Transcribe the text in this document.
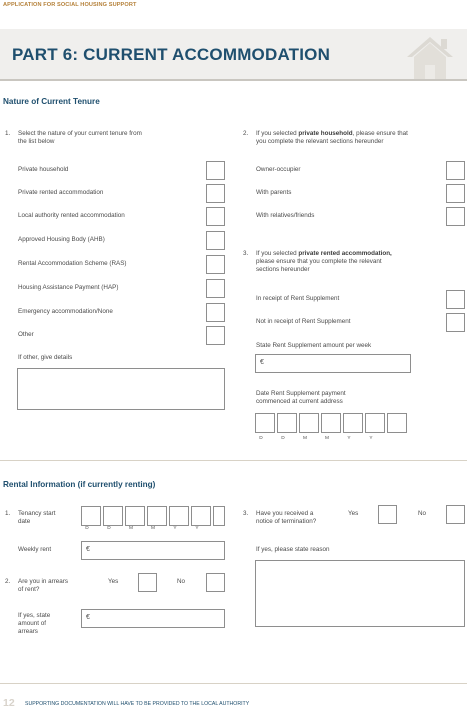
APPLICATION FOR SOCIAL HOUSING SUPPORT
PART 6: CURRENT ACCOMMODATION
Nature of Current Tenure
1. Select the nature of your current tenure from
the list below
Private household
Private rented accommodation
Local authority rented accommodation
Approved Housing Body (AHB)
Rental Accommodation Scheme (RAS)
Housing Assistance Payment (HAP)
Emergency accommodation/None
Other
If other, give details
2. If you selected private household, please ensure that
you complete the relevant sections hereunder
Owner-occupier
With parents
With relatives/friends
3. If you selected private rented accommodation,
please ensure that you complete the relevant
sections hereunder
In receipt of Rent Supplement
Not in receipt of Rent Supplement
State Rent Supplement amount per week
€
Date Rent Supplement payment
commenced at current address
D	D	M	M	Y	Y
Rental Information (if currently renting)
1. Tenancy start
date
D	D	M	M	Y	Y
Weekly rent	€
2. Are you in arrears
of rent?
Yes	No
If yes, state
amount of
arrears
€
3. Have you received a
notice of termination?
Yes	No
If yes, please state reason
12 SUPPORTING DOCUMENTATION WILL HAVE TO BE PROVIDED TO THE LOCAL AUTHORITY
